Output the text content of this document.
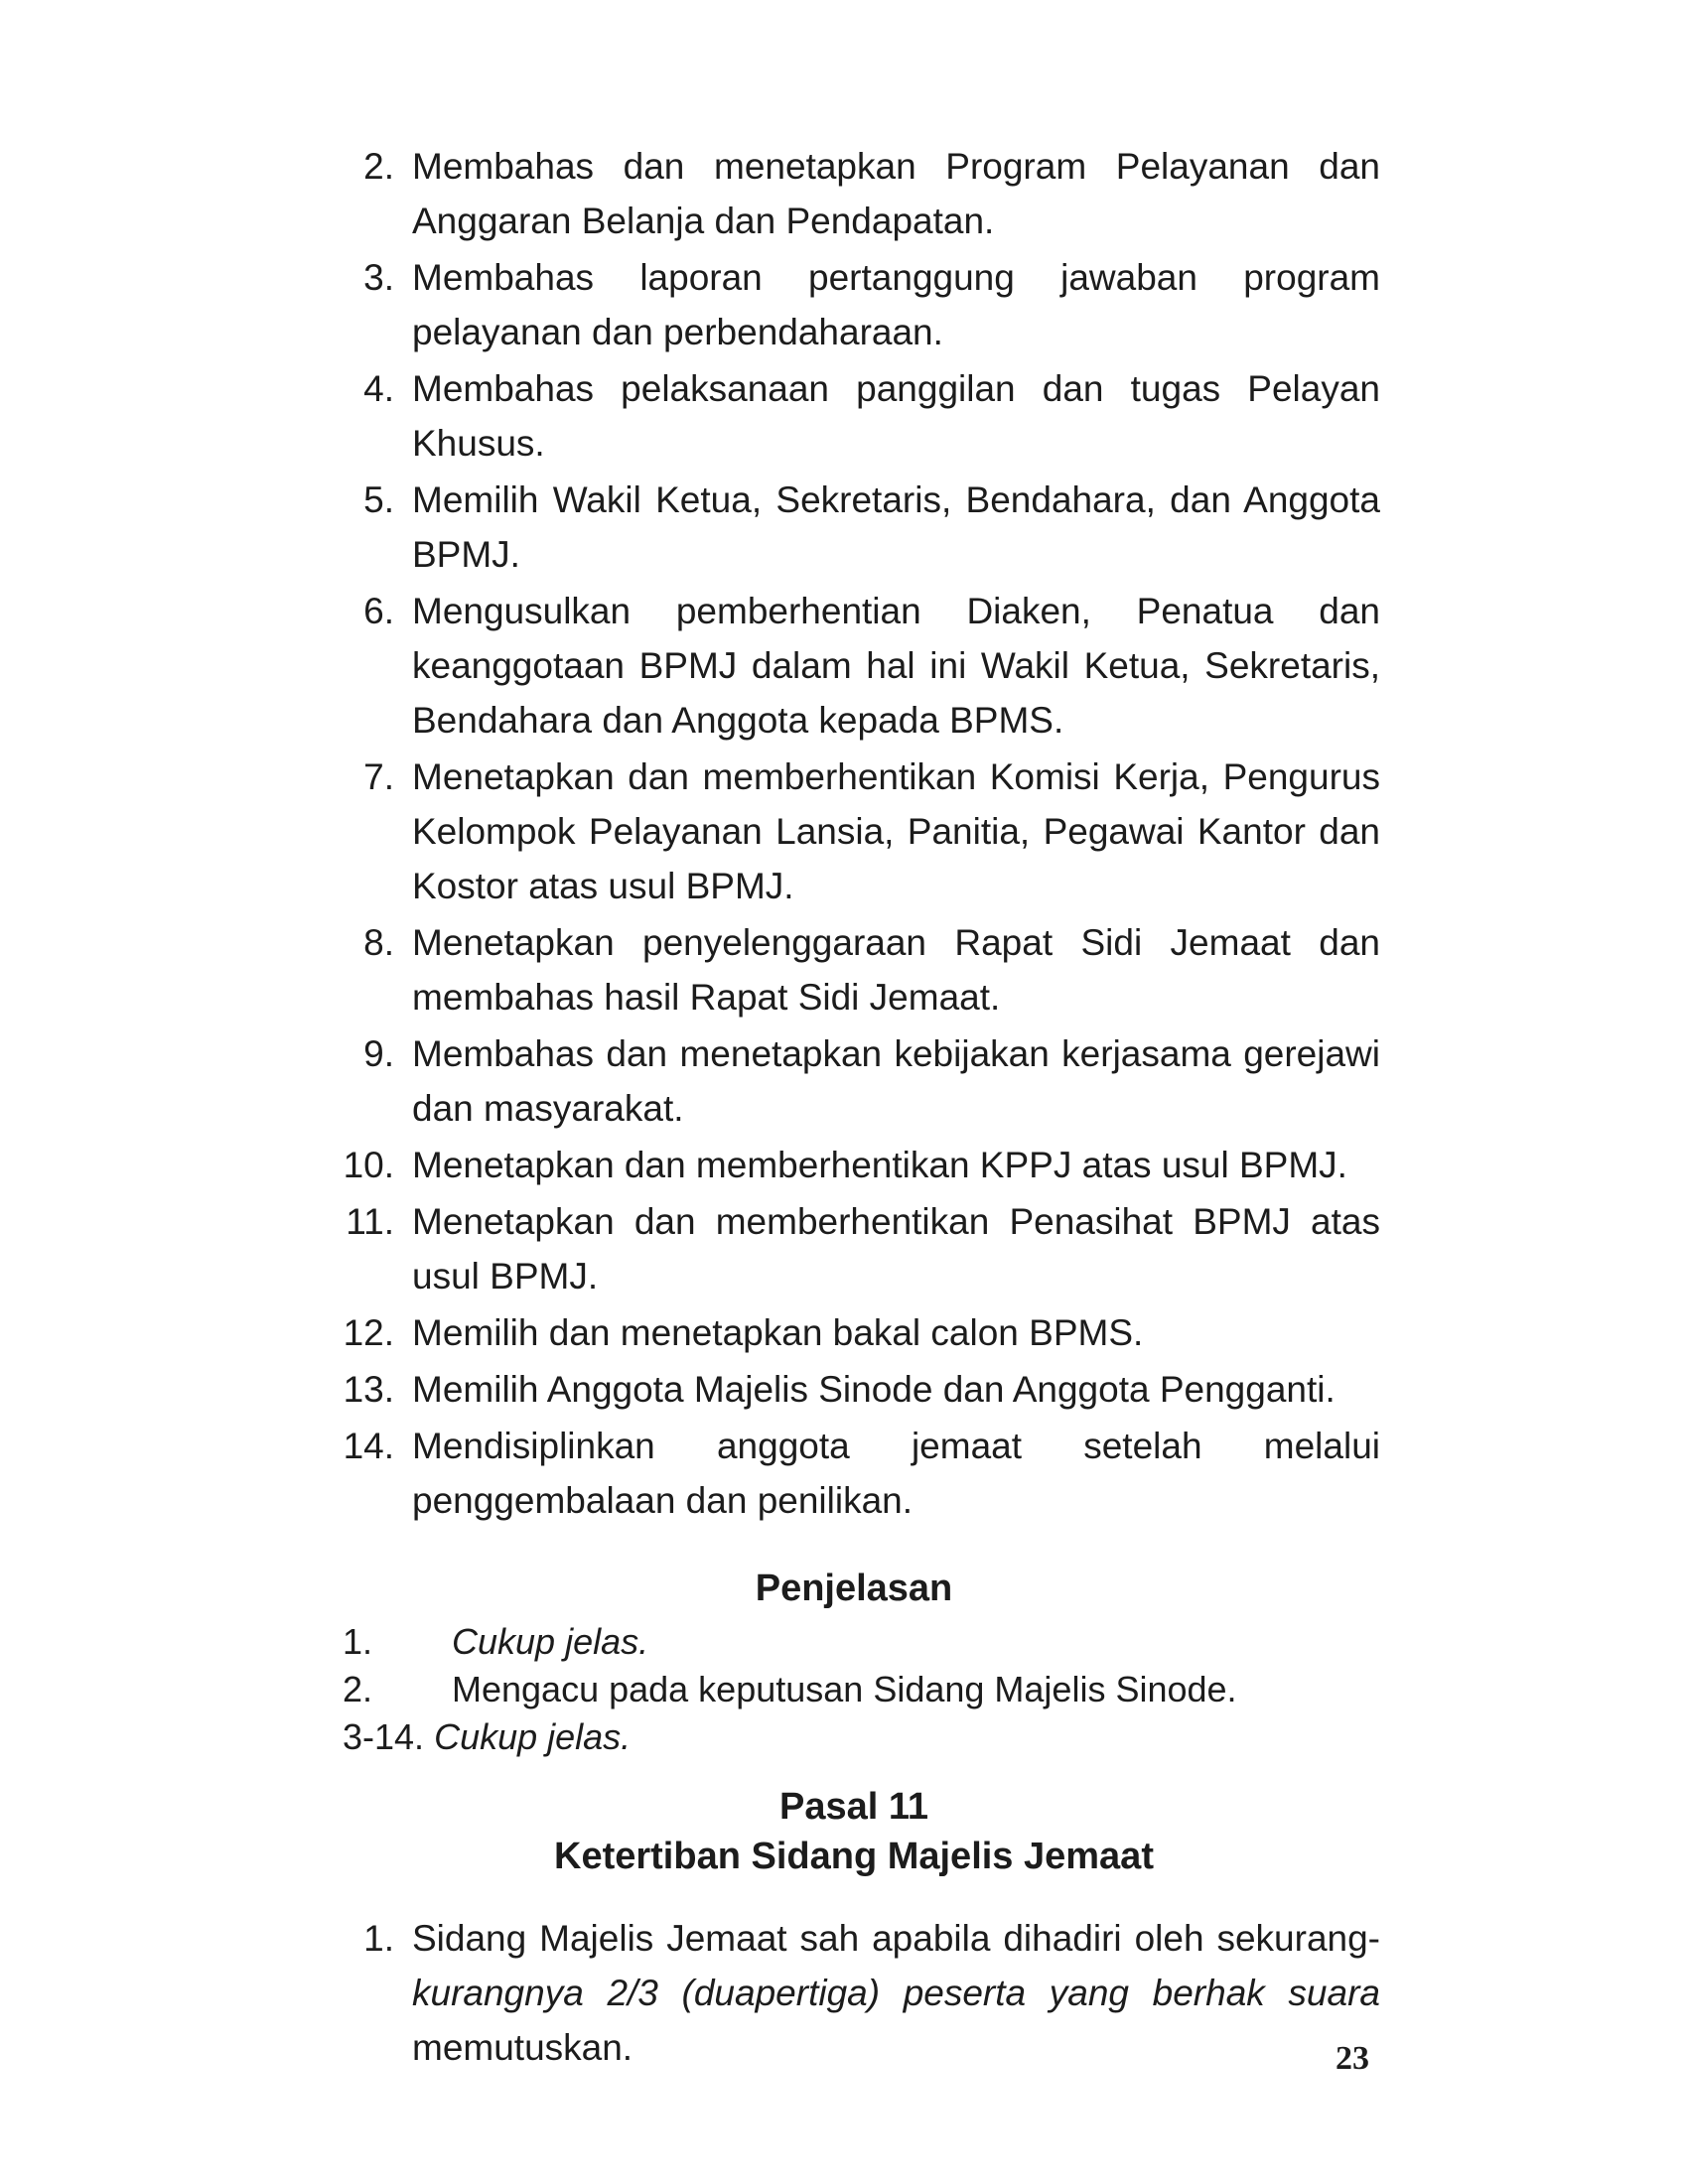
2. Membahas dan menetapkan Program Pelayanan dan Anggaran Belanja dan Pendapatan.
3. Membahas laporan pertanggung jawaban program pelayanan dan perbendaharaan.
4. Membahas pelaksanaan panggilan dan tugas Pelayan Khusus.
5. Memilih Wakil Ketua, Sekretaris, Bendahara, dan Anggota BPMJ.
6. Mengusulkan pemberhentian Diaken, Penatua dan keanggotaan BPMJ dalam hal ini Wakil Ketua, Sekretaris, Bendahara dan Anggota kepada BPMS.
7. Menetapkan dan memberhentikan Komisi Kerja, Pengurus Kelompok Pelayanan Lansia, Panitia, Pegawai Kantor dan Kostor atas usul BPMJ.
8. Menetapkan penyelenggaraan Rapat Sidi Jemaat dan membahas hasil Rapat Sidi Jemaat.
9. Membahas dan menetapkan kebijakan kerjasama gerejawi dan masyarakat.
10. Menetapkan dan memberhentikan KPPJ atas usul BPMJ.
11. Menetapkan dan memberhentikan Penasihat BPMJ atas usul BPMJ.
12. Memilih dan menetapkan bakal calon BPMS.
13. Memilih Anggota Majelis Sinode dan Anggota Pengganti.
14. Mendisiplinkan anggota jemaat setelah melalui penggembalaan dan penilikan.
Penjelasan
1.	Cukup jelas.
2.	Mengacu pada keputusan Sidang Majelis Sinode.
3-14.
Cukup jelas.
Pasal 11
Ketertiban Sidang Majelis Jemaat
1. Sidang Majelis Jemaat sah apabila dihadiri oleh sekurang- kurangnya 2/3 (duapertiga) peserta yang berhak suara memutuskan.	23
